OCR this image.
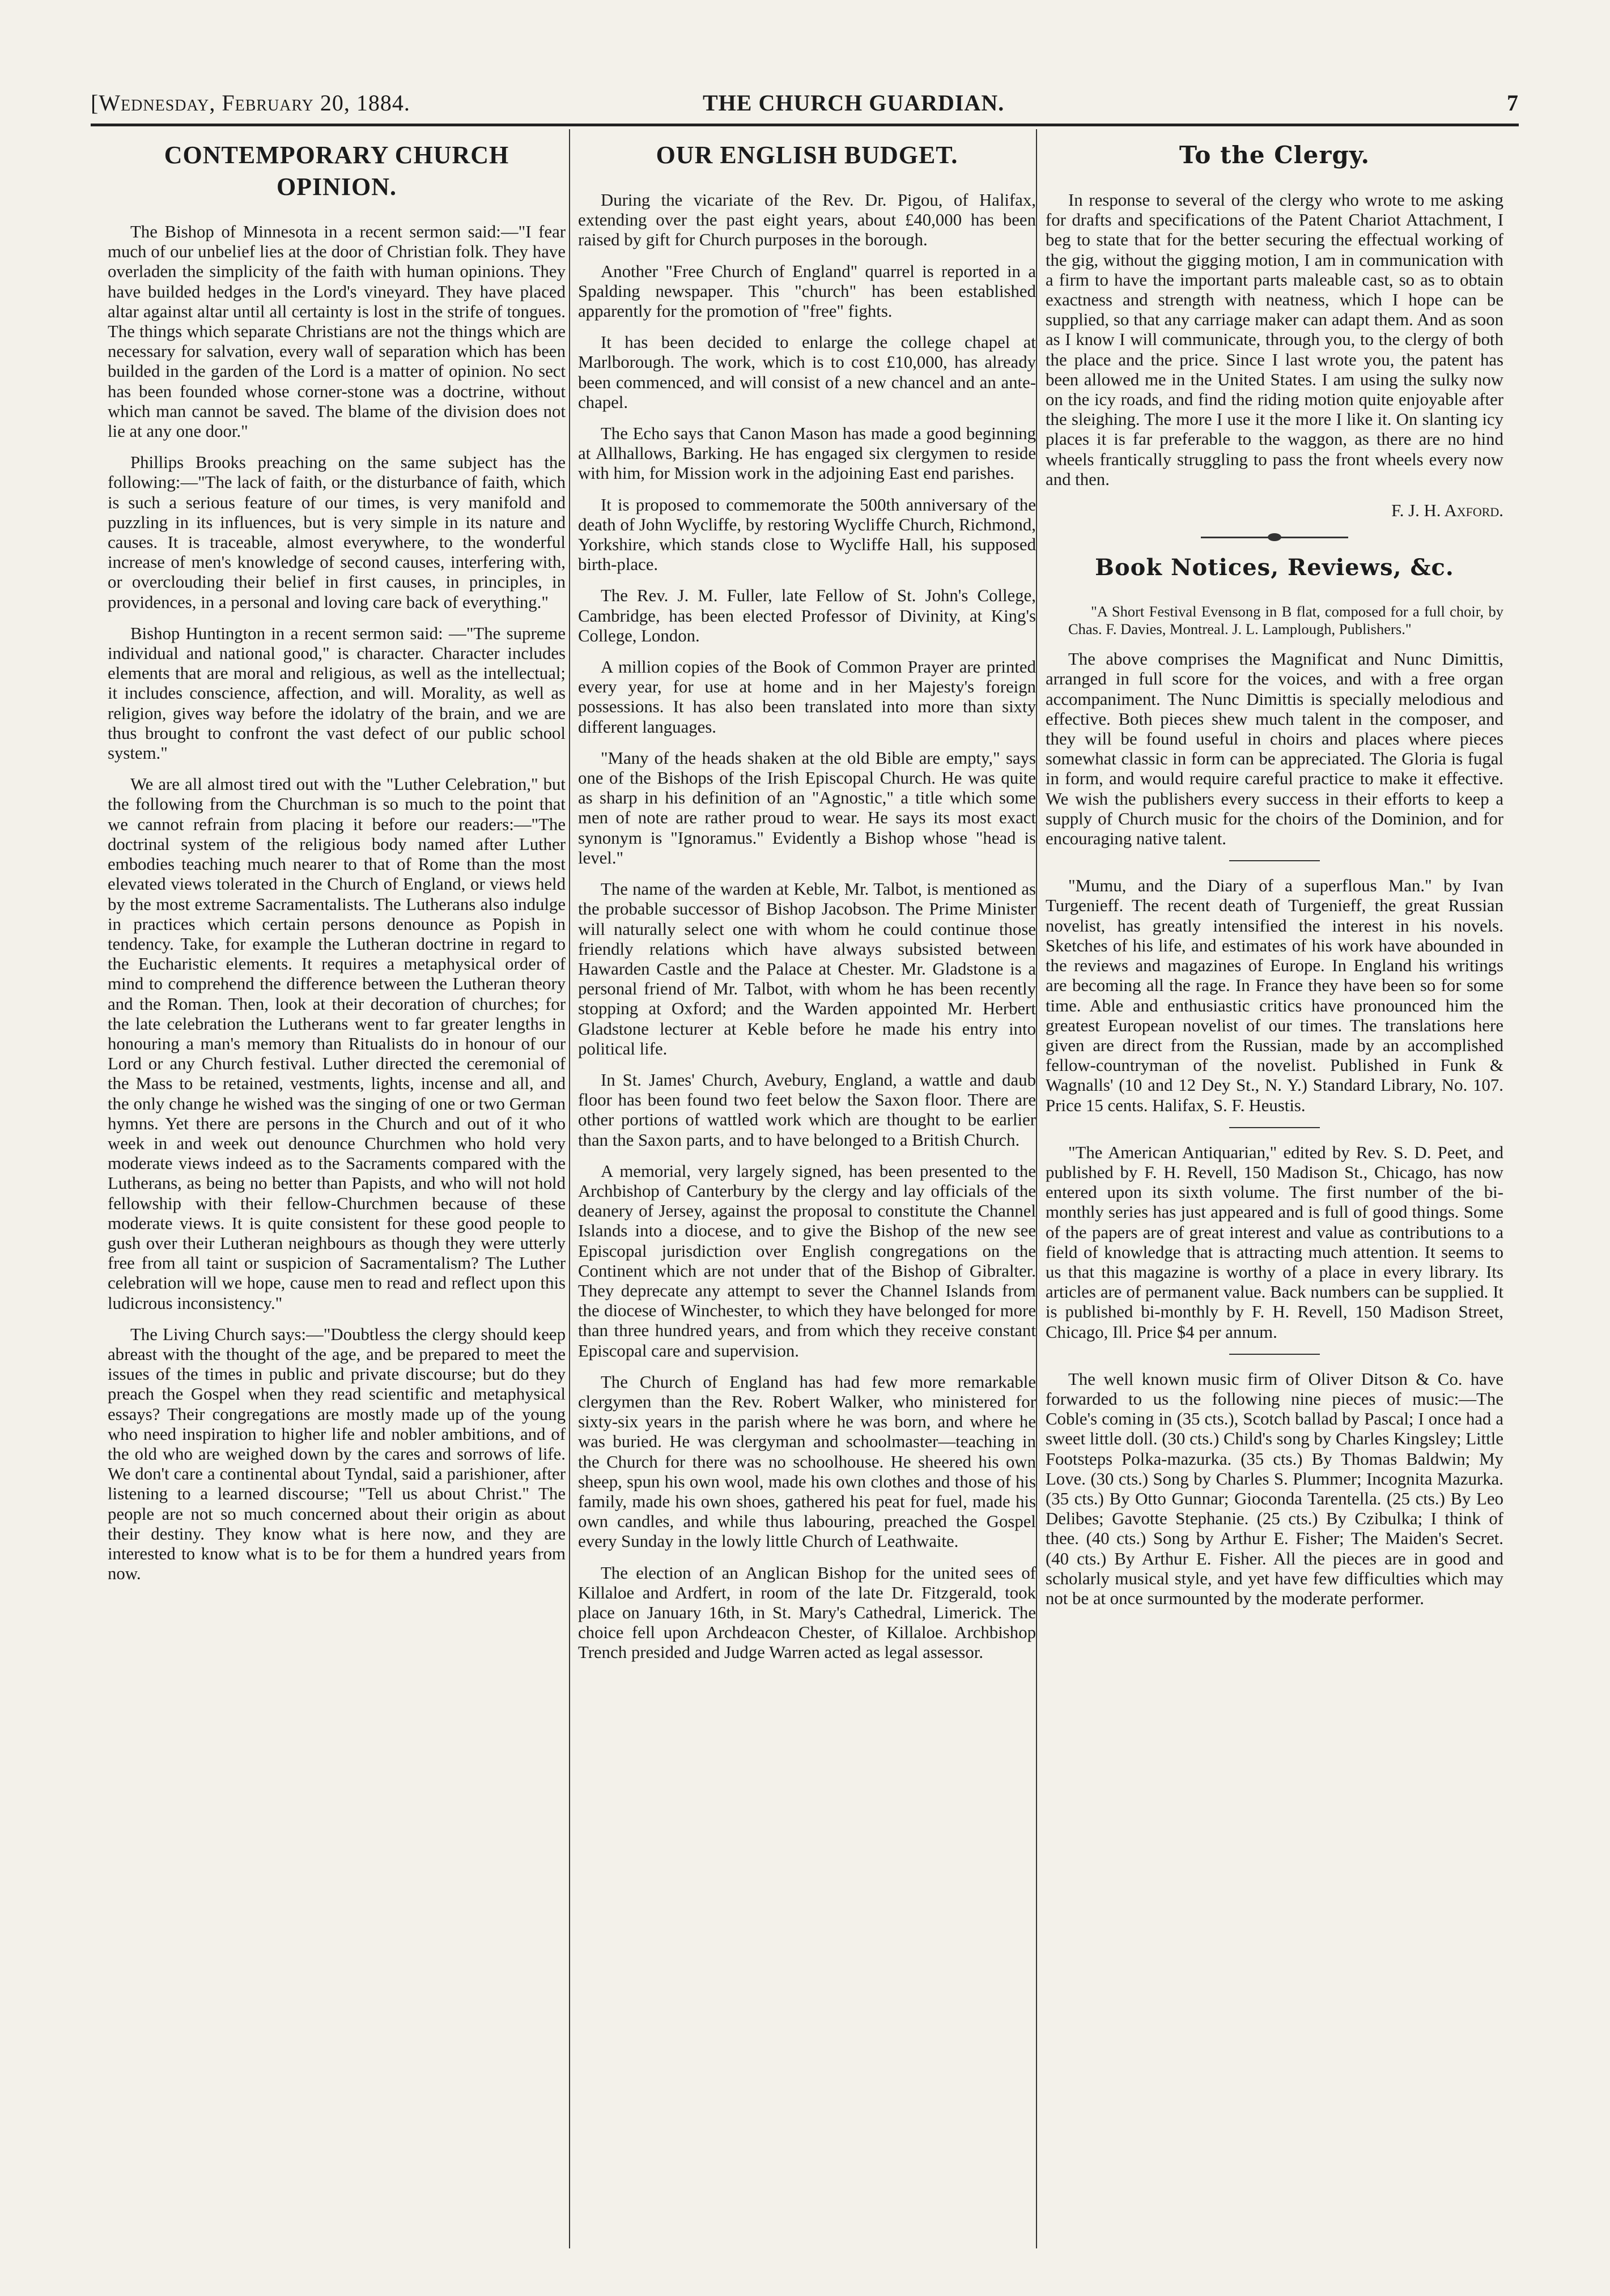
[Wednesday, February 20, 1884.	THE CHURCH GUARDIAN.	7
CONTEMPORARY CHURCH OPINION.

The Bishop of Minnesota in a recent sermon said:—"I fear much of our unbelief lies at the door of Christian folk. They have overladen the simplicity of the faith with human opinions. They have builded hedges in the Lord's vineyard. They have placed altar against altar until all certainty is lost in the strife of tongues. The things which separate Christians are not the things which are necessary for salvation, every wall of separation which has been builded in the garden of the Lord is a matter of opinion. No sect has been founded whose corner-stone was a doctrine, without which man cannot be saved. The blame of the division does not lie at any one door."

Phillips Brooks preaching on the same subject has the following:—"The lack of faith, or the disturbance of faith, which is such a serious feature of our times, is very manifold and puzzling in its influences, but is very simple in its nature and causes. It is traceable, almost everywhere, to the wonderful increase of men's knowledge of second causes, interfering with, or overclouding their belief in first causes, in principles, in providences, in a personal and loving care back of everything."

Bishop Huntington in a recent sermon said: —"The supreme individual and national good," is character. Character includes elements that are moral and religious, as well as the intellectual; it includes conscience, affection, and will. Morality, as well as religion, gives way before the idolatry of the brain, and we are thus brought to confront the vast defect of our public school system."

We are all almost tired out with the "Luther Celebration," but the following from the Churchman is so much to the point that we cannot refrain from placing it before our readers:—"The doctrinal system of the religious body named after Luther embodies teaching much nearer to that of Rome than the most elevated views tolerated in the Church of England, or views held by the most extreme Sacramentalists. The Lutherans also indulge in practices which certain persons denounce as Popish in tendency. Take, for example the Lutheran doctrine in regard to the Eucharistic elements. It requires a metaphysical order of mind to comprehend the difference between the Lutheran theory and the Roman. Then, look at their decoration of churches; for the late celebration the Lutherans went to far greater lengths in honouring a man's memory than Ritualists do in honour of our Lord or any Church festival. Luther directed the ceremonial of the Mass to be retained, vestments, lights, incense and all, and the only change he wished was the singing of one or two German hymns. Yet there are persons in the Church and out of it who week in and week out denounce Churchmen who hold very moderate views indeed as to the Sacraments compared with the Lutherans, as being no better than Papists, and who will not hold fellowship with their fellow-Churchmen because of these moderate views. It is quite consistent for these good people to gush over their Lutheran neighbours as though they were utterly free from all taint or suspicion of Sacramentalism? The Luther celebration will we hope, cause men to read and reflect upon this ludicrous inconsistency."

The Living Church says:—"Doubtless the clergy should keep abreast with the thought of the age, and be prepared to meet the issues of the times in public and private discourse; but do they preach the Gospel when they read scientific and metaphysical essays? Their congregations are mostly made up of the young who need inspiration to higher life and nobler ambitions, and of the old who are weighed down by the cares and sorrows of life. We don't care a continental about Tyndal, said a parishioner, after listening to a learned discourse; "Tell us about Christ." The people are not so much concerned about their origin as about their destiny. They know what is here now, and they are interested to know what is to be for them a hundred years from now.

OUR ENGLISH BUDGET.

During the vicariate of the Rev. Dr. Pigou, of Halifax, extending over the past eight years, about £40,000 has been raised by gift for Church purposes in the borough.

Another "Free Church of England" quarrel is reported in a Spalding newspaper. This "church" has been established apparently for the promotion of "free" fights.

It has been decided to enlarge the college chapel at Marlborough. The work, which is to cost £10,000, has already been commenced, and will consist of a new chancel and an ante-chapel.

The Echo says that Canon Mason has made a good beginning at Allhallows, Barking. He has engaged six clergymen to reside with him, for Mission work in the adjoining East end parishes.

It is proposed to commemorate the 500th anniversary of the death of John Wycliffe, by restoring Wycliffe Church, Richmond, Yorkshire, which stands close to Wycliffe Hall, his supposed birth-place.

The Rev. J. M. Fuller, late Fellow of St. John's College, Cambridge, has been elected Professor of Divinity, at King's College, London.

A million copies of the Book of Common Prayer are printed every year, for use at home and in her Majesty's foreign possessions. It has also been translated into more than sixty different languages.

"Many of the heads shaken at the old Bible are empty," says one of the Bishops of the Irish Episcopal Church. He was quite as sharp in his definition of an "Agnostic," a title which some men of note are rather proud to wear. He says its most exact synonym is "Ignoramus." Evidently a Bishop whose "head is level."

The name of the warden at Keble, Mr. Talbot, is mentioned as the probable successor of Bishop Jacobson. The Prime Minister will naturally select one with whom he could continue those friendly relations which have always subsisted between Hawarden Castle and the Palace at Chester. Mr. Gladstone is a personal friend of Mr. Talbot, with whom he has been recently stopping at Oxford; and the Warden appointed Mr. Herbert Gladstone lecturer at Keble before he made his entry into political life.

In St. James' Church, Avebury, England, a wattle and daub floor has been found two feet below the Saxon floor. There are other portions of wattled work which are thought to be earlier than the Saxon parts, and to have belonged to a British Church.

A memorial, very largely signed, has been presented to the Archbishop of Canterbury by the clergy and lay officials of the deanery of Jersey, against the proposal to constitute the Channel Islands into a diocese, and to give the Bishop of the new see Episcopal jurisdiction over English congregations on the Continent which are not under that of the Bishop of Gibralter. They deprecate any attempt to sever the Channel Islands from the diocese of Winchester, to which they have belonged for more than three hundred years, and from which they receive constant Episcopal care and supervision.

The Church of England has had few more remarkable clergymen than the Rev. Robert Walker, who ministered for sixty-six years in the parish where he was born, and where he was buried. He was clergyman and schoolmaster—teaching in the Church for there was no schoolhouse. He sheered his own sheep, spun his own wool, made his own clothes and those of his family, made his own shoes, gathered his peat for fuel, made his own candles, and while thus labouring, preached the Gospel every Sunday in the lowly little Church of Leathwaite.

The election of an Anglican Bishop for the united sees of Killaloe and Ardfert, in room of the late Dr. Fitzgerald, took place on January 16th, in St. Mary's Cathedral, Limerick. The choice fell upon Archdeacon Chester, of Killaloe. Archbishop Trench presided and Judge Warren acted as legal assessor.

To the Clergy.

In response to several of the clergy who wrote to me asking for drafts and specifications of the Patent Chariot Attachment, I beg to state that for the better securing the effectual working of the gig, without the gigging motion, I am in communication with a firm to have the important parts maleable cast, so as to obtain exactness and strength with neatness, which I hope can be supplied, so that any carriage maker can adapt them. And as soon as I know I will communicate, through you, to the clergy of both the place and the price. Since I last wrote you, the patent has been allowed me in the United States. I am using the sulky now on the icy roads, and find the riding motion quite enjoyable after the sleighing. The more I use it the more I like it. On slanting icy places it is far preferable to the waggon, as there are no hind wheels frantically struggling to pass the front wheels every now and then.

F. J. H. Axford.
Book Notices, Reviews, &c.

"A Short Festival Evensong in B flat, composed for a full choir, by Chas. F. Davies, Montreal. J. L. Lamplough, Publishers."

The above comprises the Magnificat and Nunc Dimittis, arranged in full score for the voices, and with a free organ accompaniment. The Nunc Dimittis is specially melodious and effective. Both pieces shew much talent in the composer, and they will be found useful in choirs and places where pieces somewhat classic in form can be appreciated. The Gloria is fugal in form, and would require careful practice to make it effective. We wish the publishers every success in their efforts to keep a supply of Church music for the choirs of the Dominion, and for encouraging native talent.

"Mumu, and the Diary of a superflous Man." by Ivan Turgenieff. The recent death of Turgenieff, the great Russian novelist, has greatly intensified the interest in his novels. Sketches of his life, and estimates of his work have abounded in the reviews and magazines of Europe. In England his writings are becoming all the rage. In France they have been so for some time. Able and enthusiastic critics have pronounced him the greatest European novelist of our times. The translations here given are direct from the Russian, made by an accomplished fellow-countryman of the novelist. Published in Funk & Wagnalls' (10 and 12 Dey St., N. Y.) Standard Library, No. 107. Price 15 cents. Halifax, S. F. Heustis.

"The American Antiquarian," edited by Rev. S. D. Peet, and published by F. H. Revell, 150 Madison St., Chicago, has now entered upon its sixth volume. The first number of the bi-monthly series has just appeared and is full of good things. Some of the papers are of great interest and value as contributions to a field of knowledge that is attracting much attention. It seems to us that this magazine is worthy of a place in every library. Its articles are of permanent value. Back numbers can be supplied. It is published bi-monthly by F. H. Revell, 150 Madison Street, Chicago, Ill. Price $4 per annum.

The well known music firm of Oliver Ditson & Co. have forwarded to us the following nine pieces of music:—The Coble's coming in (35 cts.), Scotch ballad by Pascal; I once had a sweet little doll. (30 cts.) Child's song by Charles Kingsley; Little Footsteps Polka-mazurka. (35 cts.) By Thomas Baldwin; My Love. (30 cts.) Song by Charles S. Plummer; Incognita Mazurka. (35 cts.) By Otto Gunnar; Gioconda Tarentella. (25 cts.) By Leo Delibes; Gavotte Stephanie. (25 cts.) By Czibulka; I think of thee. (40 cts.) Song by Arthur E. Fisher; The Maiden's Secret. (40 cts.) By Arthur E. Fisher. All the pieces are in good and scholarly musical style, and yet have few difficulties which may not be at once surmounted by the moderate performer.
